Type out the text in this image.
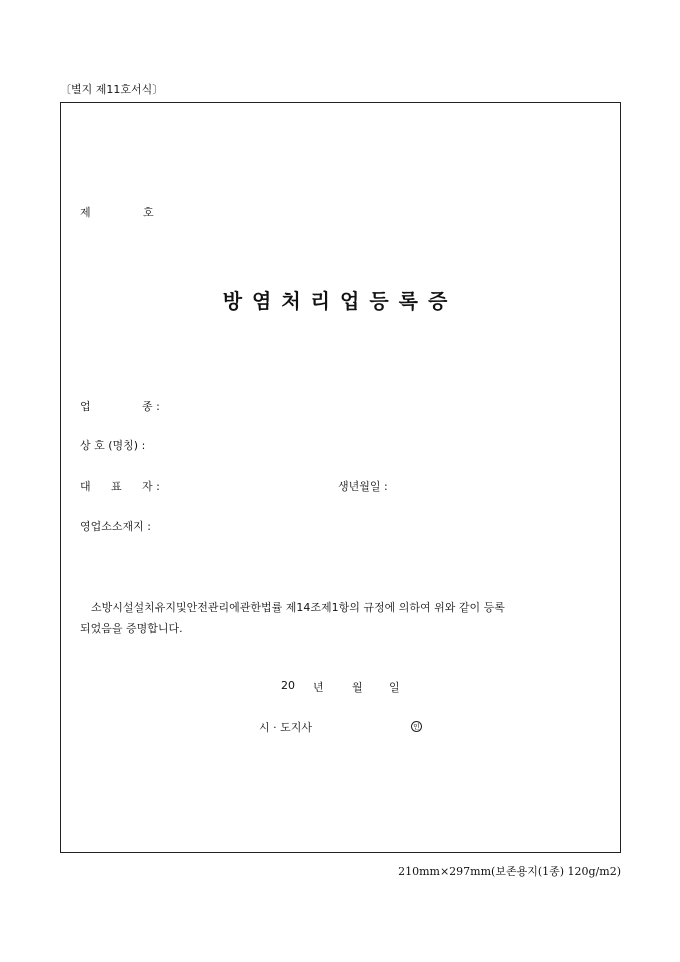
〔별지 제11호서식〕
제	호
방염처리업등록증
업	종 :
상 호 (명칭) :
대 표 자 :	생년월일 :
영업소소재지 :
소방시설설치유지및안전관리에관한법률 제14조제1항의 규정에 의하여 위와 같이 등록
되었음을 증명합니다.
20 년	월 일
시 · 도지사	인
210mm×297mm(보존용지(1종) 120g/m2)
